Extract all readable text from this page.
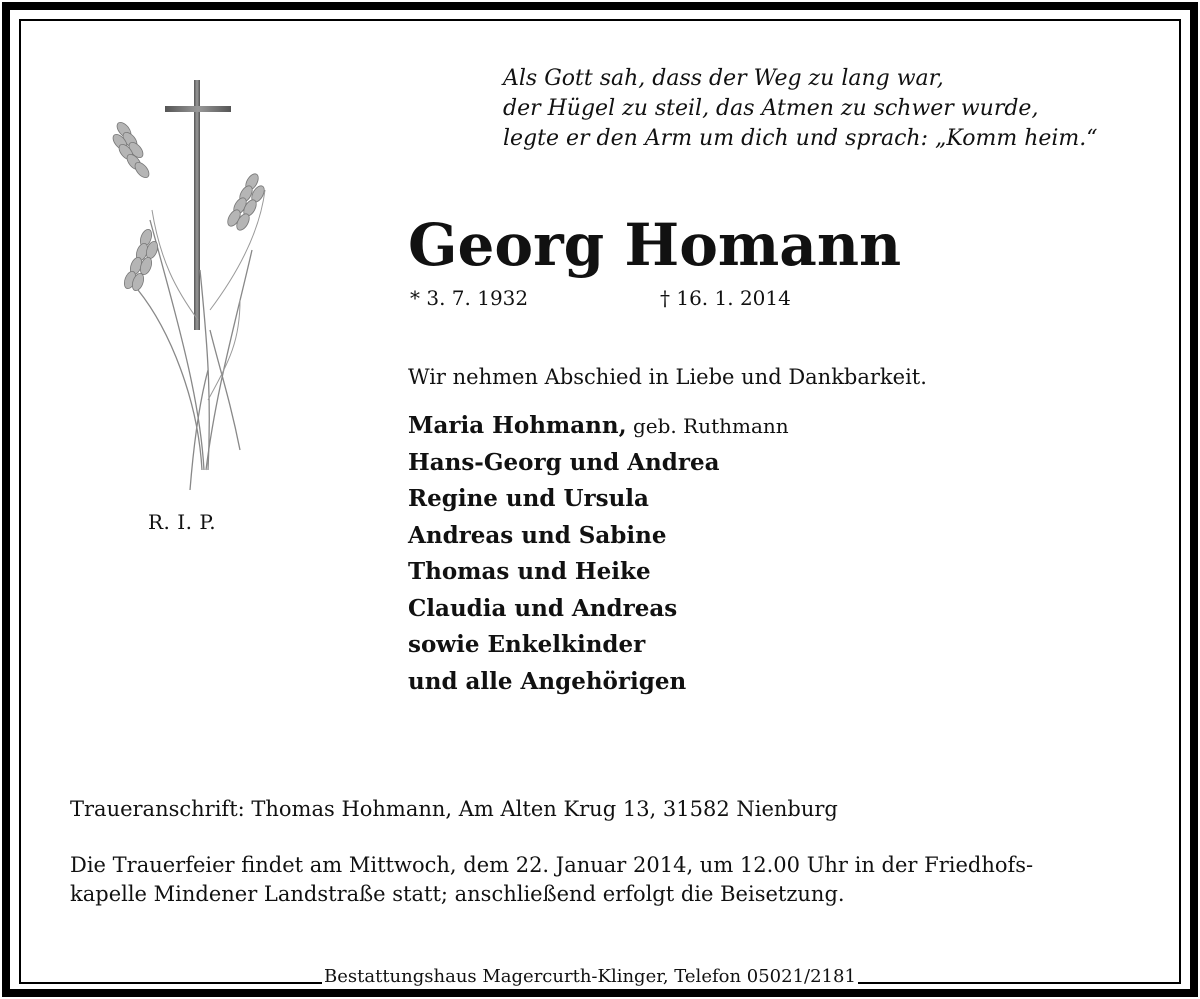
R. I. P.
Als Gott sah, dass der Weg zu lang war,
der Hügel zu steil, das Atmen zu schwer wurde,
legte er den Arm um dich und sprach: „Komm heim.“
Georg Homann
* 3. 7. 1932	† 16. 1. 2014
Wir nehmen Abschied in Liebe und Dankbarkeit.
Maria Hohmann, geb. Ruthmann
Hans-Georg und Andrea
Regine und Ursula
Andreas und Sabine
Thomas und Heike
Claudia und Andreas
sowie Enkelkinder
und alle Angehörigen
Traueranschrift: Thomas Hohmann, Am Alten Krug 13, 31582 Nienburg
Die Trauerfeier findet am Mittwoch, dem 22. Januar 2014, um 12.00 Uhr in der Friedhofs-
kapelle Mindener Landstraße statt; anschließend erfolgt die Beisetzung.
Bestattungshaus Magercurth-Klinger, Telefon 05021/2181
